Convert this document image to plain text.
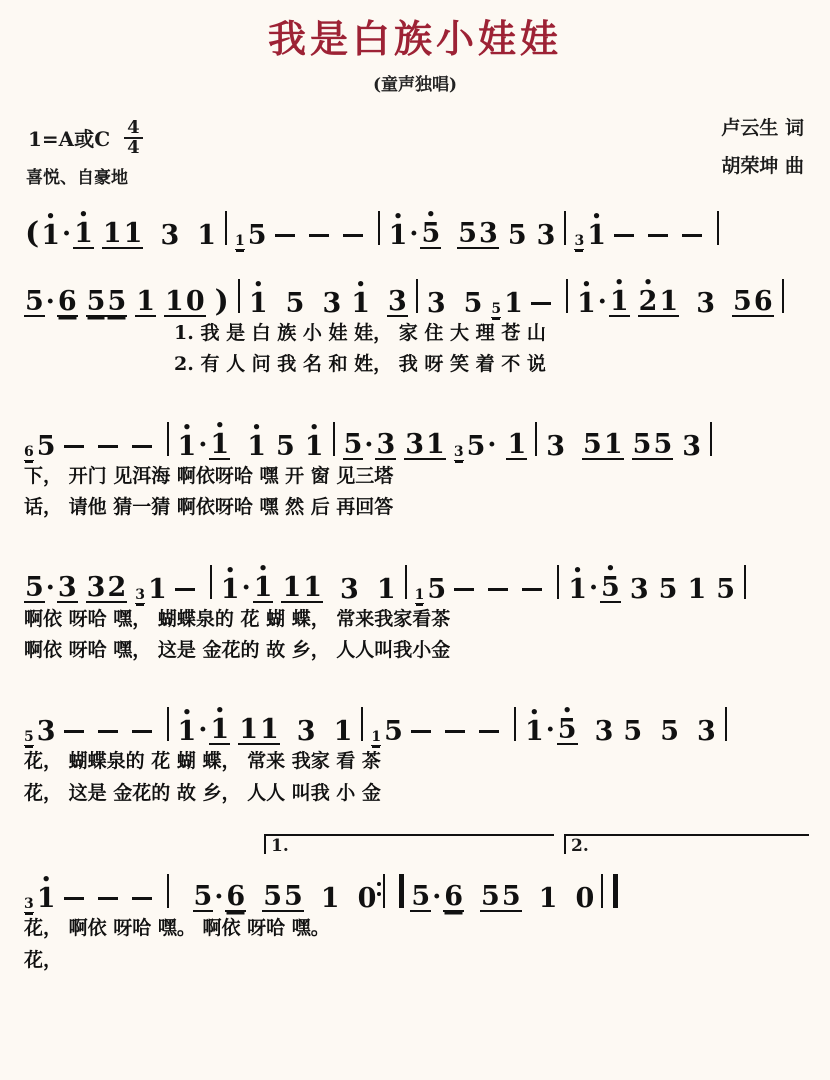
我是白族小娃娃
(童声独唱)
1=A或C $\frac{4}{4}$	卢云生 词
胡荣坤 曲
喜悦、自豪地
( • 1 · • 1 1 1 3 1 1 5	• 1 · • 5 5 3 5 3 3 • 1
5 · 6 5 5 1 1 0 ) • 1 5 3 • 1 3 3 5 5 1 • 1 · • 1 • 2 1 3 5 6
1. 我 是 白 族 小 娃 娃， 家 住 大 理 苍 山
2. 有 人 问 我 名 和 姓， 我 呀 笑 着 不 说
6 5	• 1 · • 1 • 1 5 • 1 5 · 3 3 1 3 5 · 1 3 5 1 5 5 3
下， 开门 见洱海 啊依呀哈 嘿 开 窗 见三塔
话， 请他 猜一猜 啊依呀哈 嘿 然 后 再回答
5 · 3 3 2 3 1 • 1 · • 1 1 1 3 1 1 5	• 1 · • 5 3 5 1 5
啊依 呀哈 嘿， 蝴蝶泉的 花 蝴 蝶， 常来我家看茶
啊依 呀哈 嘿， 这是 金花的 故 乡， 人人叫我小金
5 3	• 1 · • 1 1 1 3 1 1 5	• 1 · • 5 3 5 5 3
花， 蝴蝶泉的 花 蝴 蝶， 常来 我家 看 茶
花， 这是 金花的 故 乡， 人人 叫我 小 金
1.	2.
3 • 1	5 · 6 5 5 1 0 5 · 6 5 5 1 0
花， 啊依 呀哈 嘿。 啊依 呀哈 嘿。
花，
